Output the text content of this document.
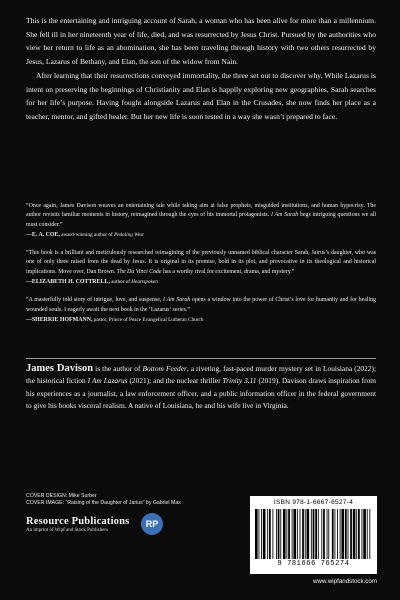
This is the entertaining and intriguing account of Sarah, a woman who has been alive for more than a millennium. She fell ill in her nineteenth year of life, died, and was resurrected by Jesus Christ. Pursued by the authorities who view her return to life as an abomination, she has been traveling through history with two others resurrected by Jesus, Lazarus of Bethany, and Elan, the son of the widow from Nain.

After learning that their resurrections conveyed immortality, the three set out to discover why. While Lazarus is intent on preserving the beginnings of Christianity and Elan is happily exploring new geographies, Sarah searches for her life’s purpose. Having fought alongside Lazarus and Elan in the Crusades, she now finds her place as a teacher, mentor, and gifted healer. But her new life is soon tested in a way she wasn’t prepared to face.

“Once again, James Davison weaves an entertaining tale while taking aim at false prophets, misguided institutions, and human hypocrisy. The author revisits familiar moments in history, reimagined through the eyes of his immortal protagonists. I Am Sarah begs intriguing questions we all must consider.”

—E. A. COE, award-winning author of Pedaling West

“This book is a brilliant and meticulously researched reimagining of the previously unnamed biblical character Sarah, Jairus’s daughter, who was one of only three raised from the dead by Jesus. It is original in its premise, bold in its plot, and provocative in its theological and historical implications. Move over, Dan Brown. The Da Vinci Code has a worthy rival for excitement, drama, and mystery.”

—ELIZABETH H. COTTRELL, author of Heartspoken

“A masterfully told story of intrigue, love, and suspense, I Am Sarah opens a window into the power of Christ’s love for humanity and for healing wounded souls. I eagerly await the next book in the ‘Lazarus’ series.”

—SHERRIE HOFMANN, pastor, Prince of Peace Evangelical Lutheran Church
James Davison is the author of Bottom Feeder, a riveting, fast-paced murder mystery set in Louisiana (2022); the historical fiction I Am Lazarus (2021); and the nuclear thriller Trinity 3.11 (2019). Davison draws inspiration from his experiences as a journalist, a law enforcement officer, and a public information officer in the federal government to give his books visceral realism. A native of Louisiana, he and his wife live in Virginia.
COVER DESIGN: Mike Surber
COVER IMAGE: “Raising of the Daughter of Jarius” by Gabriel Max
Resource Publications
An imprint of Wipf and Stock Publishers
RP
ISBN 978-1-6667-6527-4
9 781666 765274
www.wipfandstock.com
